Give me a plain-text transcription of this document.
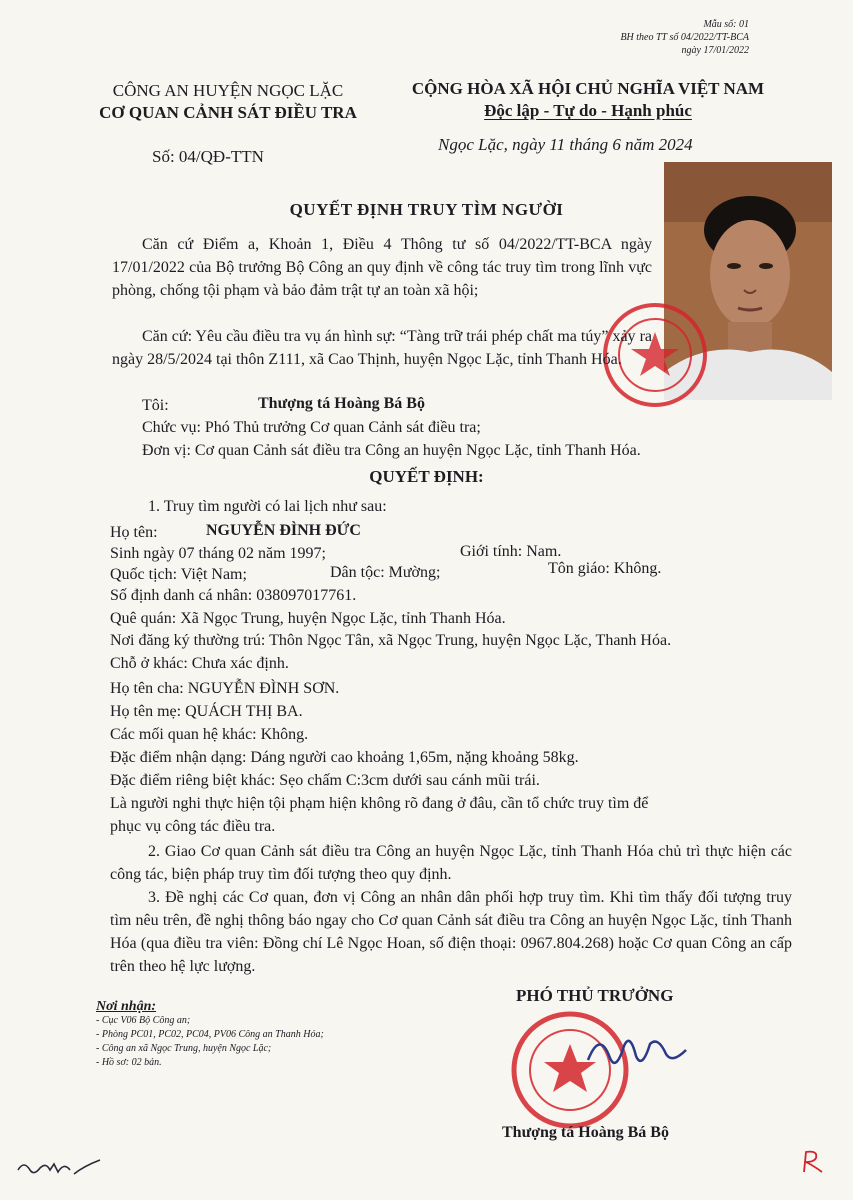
Mẫu số: 01
BH theo TT số 04/2022/TT-BCA
ngày 17/01/2022
CÔNG AN HUYỆN NGỌC LẶC
CƠ QUAN CẢNH SÁT ĐIỀU TRA
CỘNG HÒA XÃ HỘI CHỦ NGHĨA VIỆT NAM
Độc lập - Tự do - Hạnh phúc
Số: 04/QĐ-TTN
Ngọc Lặc, ngày 11 tháng 6 năm 2024
QUYẾT ĐỊNH TRUY TÌM NGƯỜI
Căn cứ Điểm a, Khoản 1, Điều 4 Thông tư số 04/2022/TT-BCA ngày 17/01/2022 của Bộ trưởng Bộ Công an quy định về công tác truy tìm trong lĩnh vực phòng, chống tội phạm và bảo đảm trật tự an toàn xã hội;
Căn cứ: Yêu cầu điều tra vụ án hình sự: “Tàng trữ trái phép chất ma túy” xảy ra ngày 28/5/2024 tại thôn Z111, xã Cao Thịnh, huyện Ngọc Lặc, tỉnh Thanh Hóa.
Tôi:	Thượng tá Hoàng Bá Bộ
Chức vụ: Phó Thủ trưởng Cơ quan Cảnh sát điều tra;
Đơn vị: Cơ quan Cảnh sát điều tra Công an huyện Ngọc Lặc, tỉnh Thanh Hóa.
QUYẾT ĐỊNH:
1. Truy tìm người có lai lịch như sau:
Họ tên:	NGUYỄN ĐÌNH ĐỨC
Sinh ngày 07 tháng 02 năm 1997;	Giới tính: Nam.
Quốc tịch: Việt Nam;	Dân tộc: Mường;	Tôn giáo: Không.
Số định danh cá nhân: 038097017761.
Quê quán: Xã Ngọc Trung, huyện Ngọc Lặc, tỉnh Thanh Hóa.
Nơi đăng ký thường trú: Thôn Ngọc Tân, xã Ngọc Trung, huyện Ngọc Lặc, Thanh Hóa.
Chỗ ở khác: Chưa xác định.
Họ tên cha: NGUYỄN ĐÌNH SƠN.
Họ tên mẹ: QUÁCH THỊ BA.
Các mối quan hệ khác: Không.
Đặc điểm nhận dạng: Dáng người cao khoảng 1,65m, nặng khoảng 58kg.
Đặc điểm riêng biệt khác: Sẹo chấm C:3cm dưới sau cánh mũi trái.
Là người nghi thực hiện tội phạm hiện không rõ đang ở đâu, cần tổ chức truy tìm để
phục vụ công tác điều tra.
2. Giao Cơ quan Cảnh sát điều tra Công an huyện Ngọc Lặc, tỉnh Thanh Hóa chủ trì thực hiện các công tác, biện pháp truy tìm đối tượng theo quy định.
3. Đề nghị các Cơ quan, đơn vị Công an nhân dân phối hợp truy tìm. Khi tìm thấy đối tượng truy tìm nêu trên, đề nghị thông báo ngay cho Cơ quan Cảnh sát điều tra Công an huyện Ngọc Lặc, tỉnh Thanh Hóa (qua điều tra viên: Đồng chí Lê Ngọc Hoan, số điện thoại: 0967.804.268) hoặc Cơ quan Công an cấp trên theo hệ lực lượng.
Nơi nhận:
- Cục V06 Bộ Công an;
- Phòng PC01, PC02, PC04, PV06 Công an Thanh Hóa;
- Công an xã Ngọc Trung, huyện Ngọc Lặc;
- Hồ sơ: 02 bản.
PHÓ THỦ TRƯỞNG
Thượng tá Hoàng Bá Bộ
